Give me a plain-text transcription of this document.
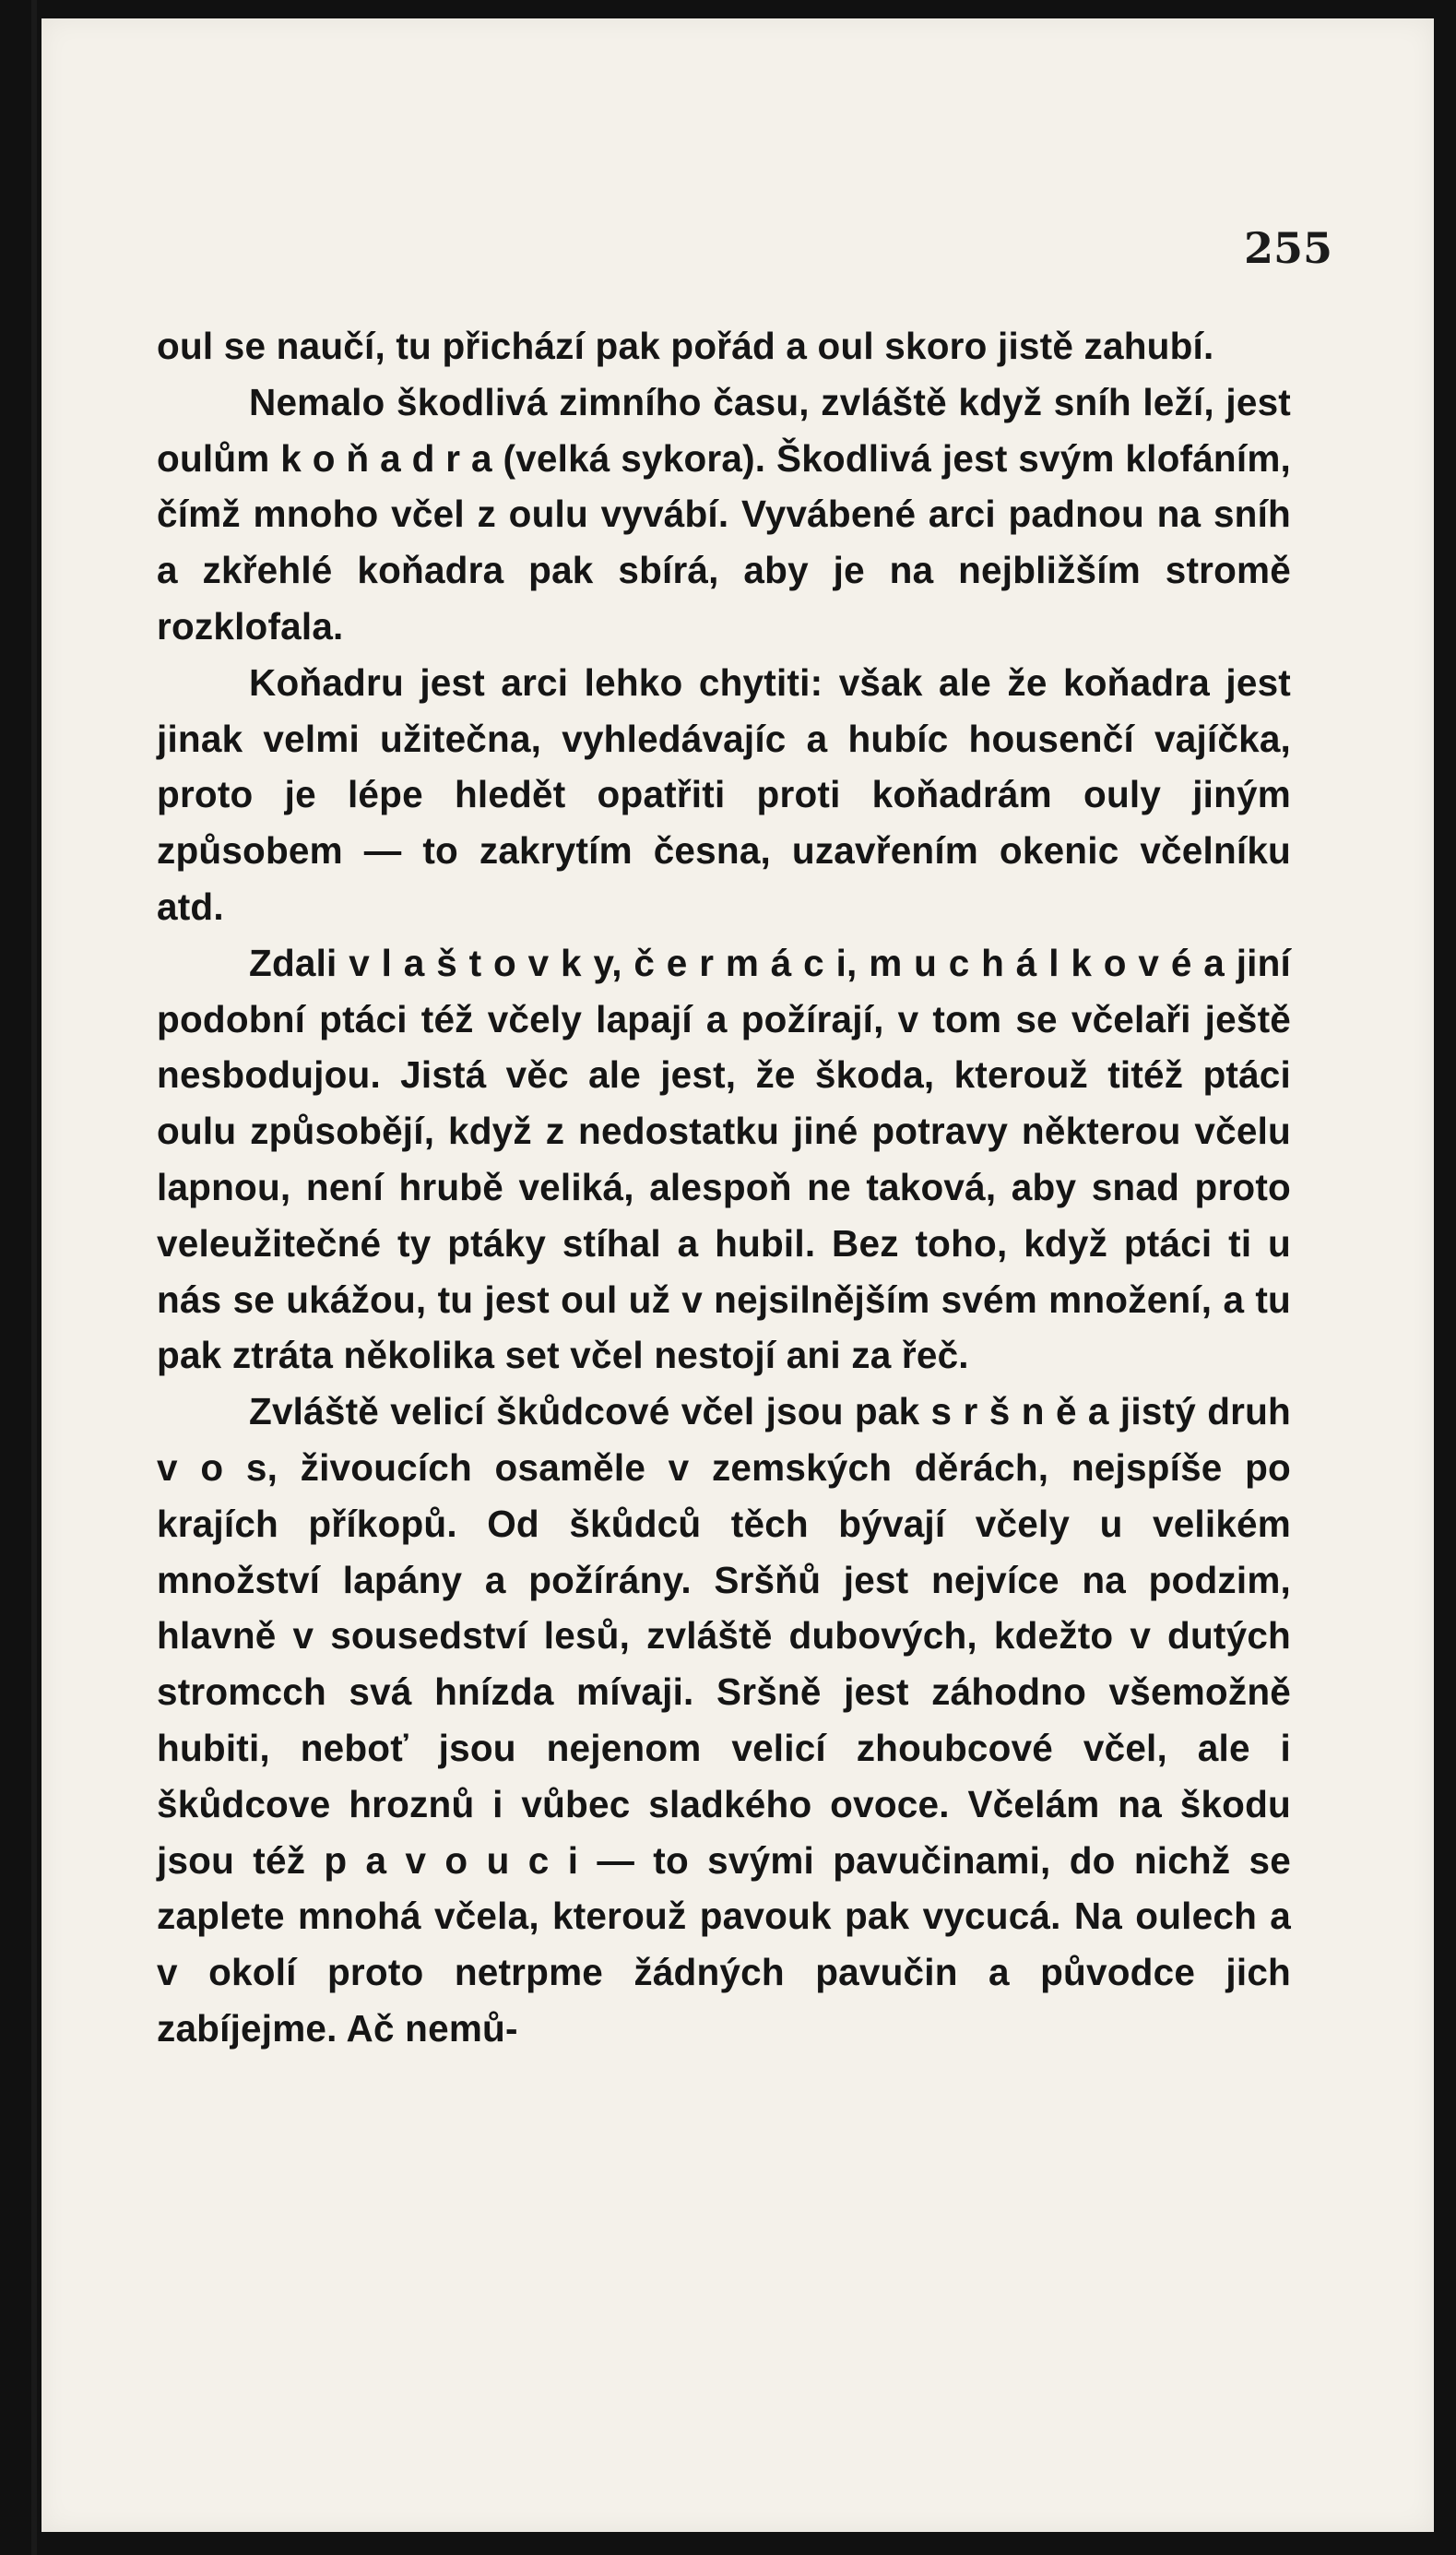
255

oul se naučí, tu přichází pak pořád a oul skoro jistě zahubí.

Nemalo škodlivá zimního času, zvláště když sníh leží, jest oulům k o ň a d r a (velká sykora). Škodlivá jest svým klofáním, čímž mnoho včel z oulu vyvábí. Vyvábené arci padnou na sníh a zkřehlé koňadra pak sbírá, aby je na nejbližším stromě rozklofala.

Koňadru jest arci lehko chytiti: však ale že koňadra jest jinak velmi užitečna, vyhledávajíc a hubíc housenčí vajíčka, proto je lépe hledět opatřiti proti koňadrám ouly jiným způsobem — to zakrytím česna, uzavřením okenic včelníku atd.

Zdali v l a š t o v k y, č e r m á c i, m u c h á l k o v é a jiní podobní ptáci též včely lapají a požírají, v tom se včelaři ještě nesbodujou. Jistá věc ale jest, že škoda, kterouž titéž ptáci oulu způsobějí, když z nedostatku jiné potravy některou včelu lapnou, není hrubě veliká, alespoň ne taková, aby snad proto veleužitečné ty ptáky stíhal a hubil. Bez toho, když ptáci ti u nás se ukážou, tu jest oul už v nejsilnějším svém množení, a tu pak ztráta několika set včel nestojí ani za řeč.

Zvláště velicí škůdcové včel jsou pak s r š n ě a jistý druh v o s, živoucích osaměle v zemských děrách, nejspíše po krajích příkopů. Od škůdců těch bývají včely u velikém množství lapány a požírány. Sršňů jest nejvíce na podzim, hlavně v sousedství lesů, zvláště dubových, kdežto v dutých stromcch svá hnízda mívaji. Sršně jest záhodno všemožně hubiti, neboť jsou nejenom velicí zhoubcové včel, ale i škůdcove hroznů i vůbec sladkého ovoce. Včelám na škodu jsou též p a v o u c i — to svými pavučinami, do nichž se zaplete mnohá včela, kterouž pavouk pak vycucá. Na oulech a v okolí proto netrpme žádných pavučin a původce jich zabíjejme. Ač nemů-
